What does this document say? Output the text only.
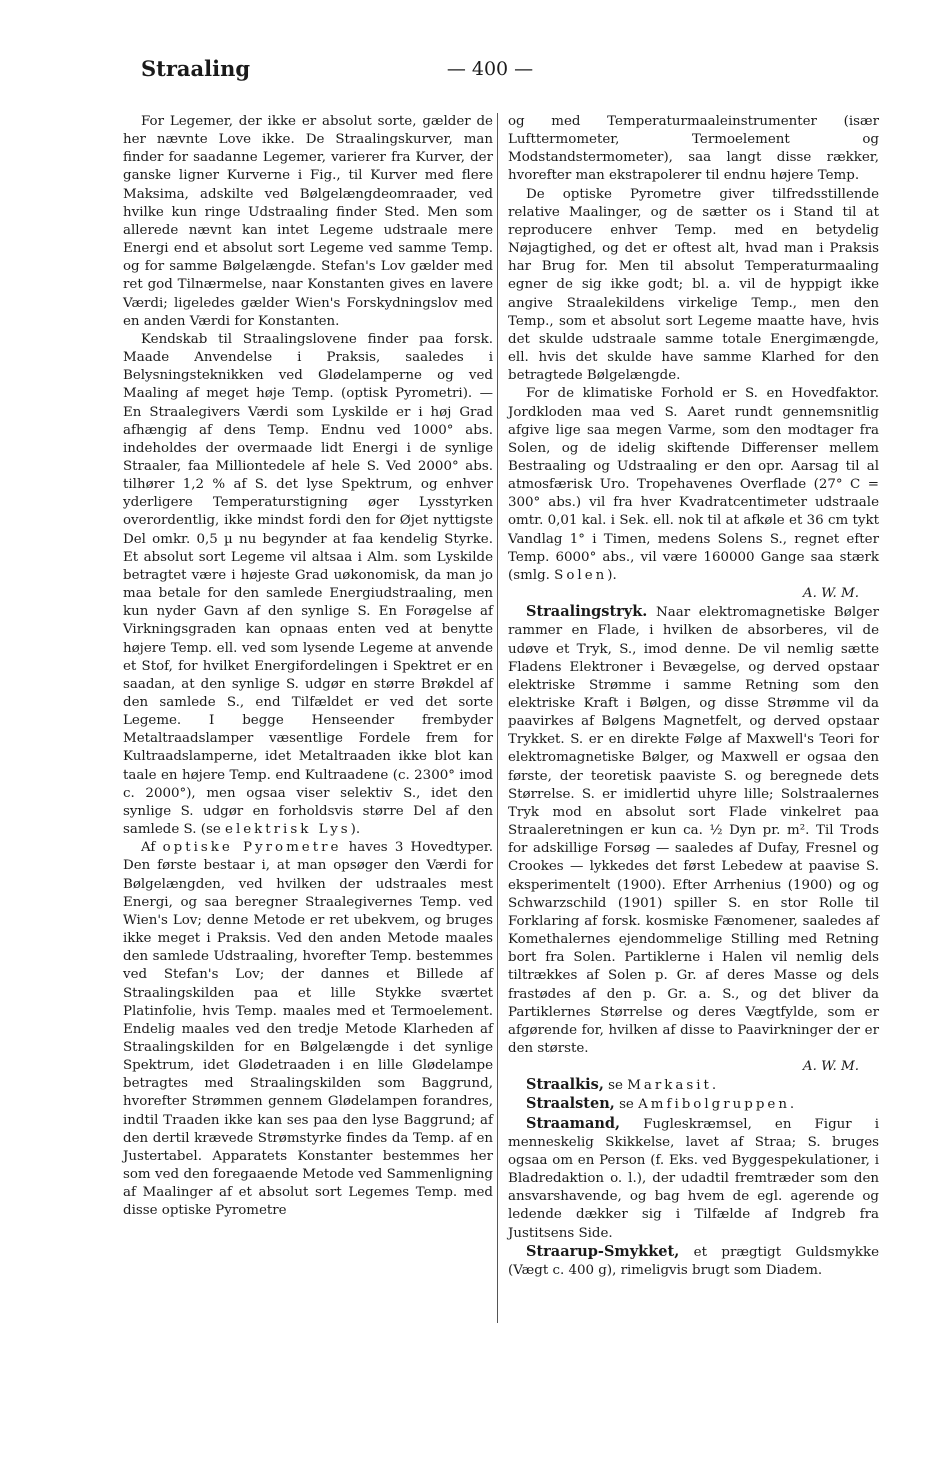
Straaling	— 400 —

For Legemer, der ikke er absolut sorte, gælder de her nævnte Love ikke. De Straalingskurver, man finder for saadanne Legemer, varierer fra Kurver, der ganske ligner Kurverne i Fig., til Kurver med flere Maksima, adskilte ved Bølgelængdeomraader, ved hvilke kun ringe Udstraaling finder Sted. Men som allerede nævnt kan intet Legeme udstraale mere Energi end et absolut sort Legeme ved samme Temp. og for samme Bølgelængde. Stefan's Lov gælder med ret god Tilnærmelse, naar Konstanten gives en lavere Værdi; ligeledes gælder Wien's Forskydningslov med en anden Værdi for Konstanten.

Kendskab til Straalingslovene finder paa forsk. Maade Anvendelse i Praksis, saaledes i Belysningsteknikken ved Glødelamperne og ved Maaling af meget høje Temp. (optisk Pyrometri). — En Straalegivers Værdi som Lyskilde er i høj Grad afhængig af dens Temp. Endnu ved 1000° abs. indeholdes der overmaade lidt Energi i de synlige Straaler, faa Milliontedele af hele S. Ved 2000° abs. tilhører 1,2 % af S. det lyse Spektrum, og enhver yderligere Temperaturstigning øger Lysstyrken overordentlig, ikke mindst fordi den for Øjet nyttigste Del omkr. 0,5 µ nu begynder at faa kendelig Styrke. Et absolut sort Legeme vil altsaa i Alm. som Lyskilde betragtet være i højeste Grad uøkonomisk, da man jo maa betale for den samlede Energiudstraaling, men kun nyder Gavn af den synlige S. En Forøgelse af Virkningsgraden kan opnaas enten ved at benytte højere Temp. ell. ved som lysende Legeme at anvende et Stof, for hvilket Energifordelingen i Spektret er en saadan, at den synlige S. udgør en større Brøkdel af den samlede S., end Tilfældet er ved det sorte Legeme. I begge Henseender frembyder Metaltraadslamper væsentlige Fordele frem for Kultraadslamperne, idet Metaltraaden ikke blot kan taale en højere Temp. end Kultraadene (c. 2300° imod c. 2000°), men ogsaa viser selektiv S., idet den synlige S. udgør en forholdsvis større Del af den samlede S. (se elektrisk Lys).

Af optiske Pyrometre haves 3 Hovedtyper. Den første bestaar i, at man opsøger den Værdi for Bølgelængden, ved hvilken der udstraales mest Energi, og saa beregner Straalegivernes Temp. ved Wien's Lov; denne Metode er ret ubekvem, og bruges ikke meget i Praksis. Ved den anden Metode maales den samlede Udstraaling, hvorefter Temp. bestemmes ved Stefan's Lov; der dannes et Billede af Straalingskilden paa et lille Stykke sværtet Platinfolie, hvis Temp. maales med et Termoelement. Endelig maales ved den tredje Metode Klarheden af Straalingskilden for en Bølgelængde i det synlige Spektrum, idet Glødetraaden i en lille Glødelampe betragtes med Straalingskilden som Baggrund, hvorefter Strømmen gennem Glødelampen forandres, indtil Traaden ikke kan ses paa den lyse Baggrund; af den dertil krævede Strømstyrke findes da Temp. af en Justertabel. Apparatets Konstanter bestemmes her som ved den foregaaende Metode ved Sammenligning af Maalinger af et absolut sort Legemes Temp. med disse optiske Pyrometre

og med Temperaturmaaleinstrumenter (især Lufttermometer, Termoelement og Modstandstermometer), saa langt disse rækker, hvorefter man ekstrapolerer til endnu højere Temp.

De optiske Pyrometre giver tilfredsstillende relative Maalinger, og de sætter os i Stand til at reproducere enhver Temp. med en betydelig Nøjagtighed, og det er oftest alt, hvad man i Praksis har Brug for. Men til absolut Temperaturmaaling egner de sig ikke godt; bl. a. vil de hyppigt ikke angive Straalekildens virkelige Temp., men den Temp., som et absolut sort Legeme maatte have, hvis det skulde udstraale samme totale Energimængde, ell. hvis det skulde have samme Klarhed for den betragtede Bølgelængde.

For de klimatiske Forhold er S. en Hovedfaktor. Jordkloden maa ved S. Aaret rundt gennemsnitlig afgive lige saa megen Varme, som den modtager fra Solen, og de idelig skiftende Differenser mellem Bestraaling og Udstraaling er den opr. Aarsag til al atmosfærisk Uro. Tropehavenes Overflade (27° C = 300° abs.) vil fra hver Kvadratcentimeter udstraale omtr. 0,01 kal. i Sek. ell. nok til at afkøle et 36 cm tykt Vandlag 1° i Timen, medens Solens S., regnet efter Temp. 6000° abs., vil være 160000 Gange saa stærk (smlg. Solen).

A. W. M.

Straalingstryk. Naar elektromagnetiske Bølger rammer en Flade, i hvilken de absorberes, vil de udøve et Tryk, S., imod denne. De vil nemlig sætte Fladens Elektroner i Bevægelse, og derved opstaar elektriske Strømme i samme Retning som den elektriske Kraft i Bølgen, og disse Strømme vil da paavirkes af Bølgens Magnetfelt, og derved opstaar Trykket. S. er en direkte Følge af Maxwell's Teori for elektromagnetiske Bølger, og Maxwell er ogsaa den første, der teoretisk paaviste S. og beregnede dets Størrelse. S. er imidlertid uhyre lille; Solstraalernes Tryk mod en absolut sort Flade vinkelret paa Straaleretningen er kun ca. ½ Dyn pr. m². Til Trods for adskillige Forsøg — saaledes af Dufay, Fresnel og Crookes — lykkedes det først Lebedew at paavise S. eksperimentelt (1900). Efter Arrhenius (1900) og og Schwarzschild (1901) spiller S. en stor Rolle til Forklaring af forsk. kosmiske Fænomener, saaledes af Komethalernes ejendommelige Stilling med Retning bort fra Solen. Partiklerne i Halen vil nemlig dels tiltrækkes af Solen p. Gr. af deres Masse og dels frastødes af den p. Gr. a. S., og det bliver da Partiklernes Størrelse og deres Vægtfylde, som er afgørende for, hvilken af disse to Paavirkninger der er den største.

A. W. M.

Straalkis, se Markasit.

Straalsten, se Amfibolgruppen.

Straamand, Fugleskræmsel, en Figur i menneskelig Skikkelse, lavet af Straa; S. bruges ogsaa om en Person (f. Eks. ved Byggespekulationer, i Bladredaktion o. l.), der udadtil fremtræder som den ansvarshavende, og bag hvem de egl. agerende og ledende dækker sig i Tilfælde af Indgreb fra Justitsens Side.

Straarup-Smykket, et prægtigt Guldsmykke (Vægt c. 400 g), rimeligvis brugt som Diadem.
